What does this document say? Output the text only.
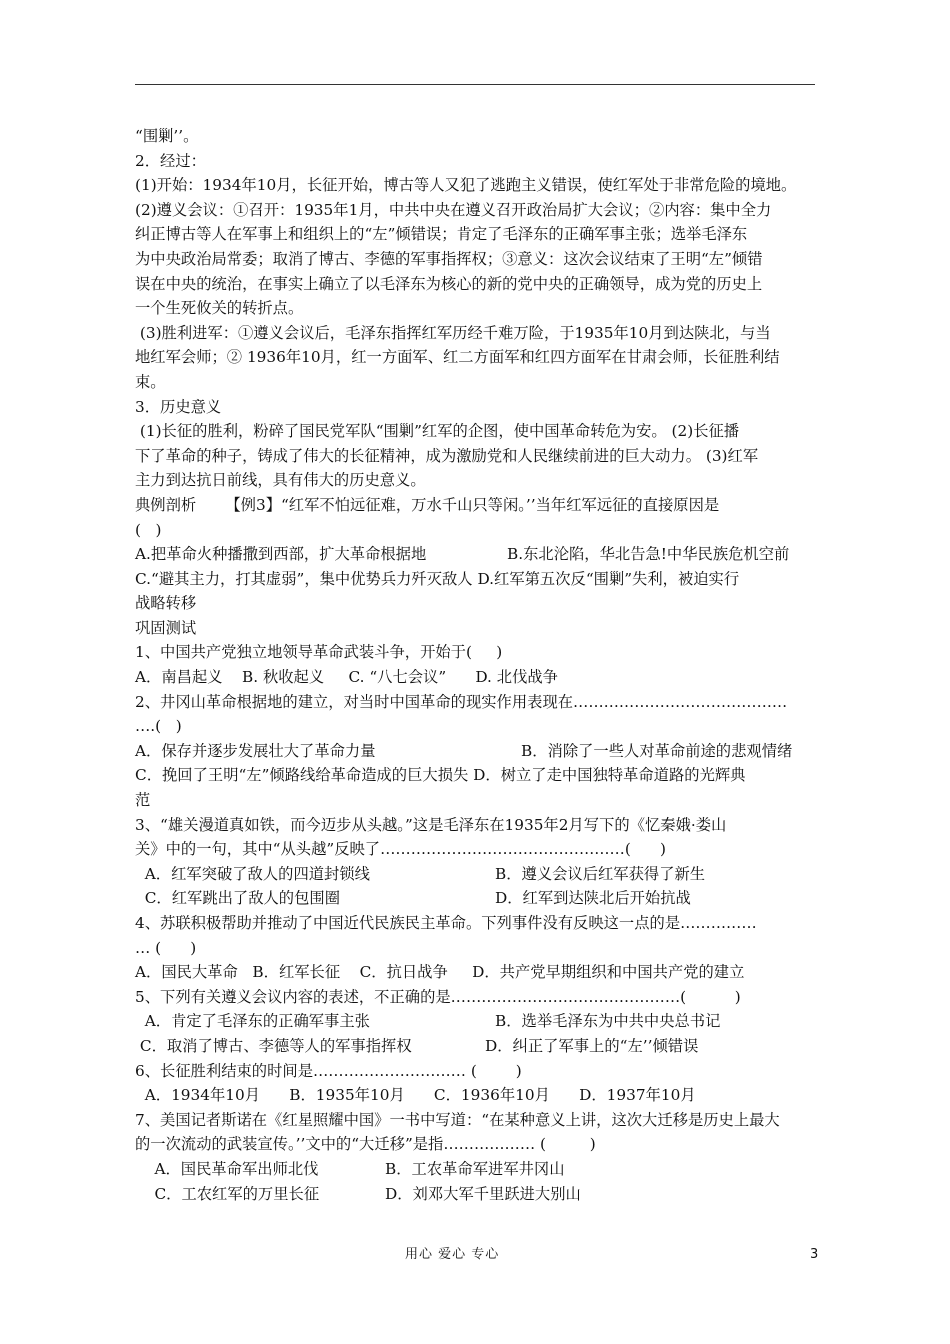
“围剿’’。
2．经过：
(1)开始：1934年10月，长征开始，博古等人又犯了逃跑主义错误，使红军处于非常危险的境地。
(2)遵义会议：①召开：1935年1月，中共中央在遵义召开政治局扩大会议；②内容：集中全力
纠正博古等人在军事上和组织上的“左”倾错误；肯定了毛泽东的正确军事主张；选举毛泽东
为中央政治局常委；取消了博古、李德的军事指挥权；③意义：这次会议结束了王明“左”倾错
误在中央的统治，在事实上确立了以毛泽东为核心的新的党中央的正确领导，成为党的历史上
一个生死攸关的转折点。
(3)胜利进军：①遵义会议后，毛泽东指挥红军历经千难万险，于1935年10月到达陕北，与当
地红军会师；② 1936年10月，红一方面军、红二方面军和红四方面军在甘肃会师，长征胜利结
束。
3．历史意义
(1)长征的胜利，粉碎了国民党军队“围剿”红军的企图，使中国革命转危为安。 (2)长征播
下了革命的种子，铸成了伟大的长征精神，成为激励党和人民继续前进的巨大动力。 (3)红军
主力到达抗日前线，具有伟大的历史意义。
典例剖析      【例3】“红军不怕远征难，万水千山只等闲。’’当年红军远征的直接原因是
(   )
A.把革命火种播撒到西部，扩大革命根据地	B.东北沦陷，华北告急!中华民族危机空前
C.“避其主力，打其虚弱”，集中优势兵力歼灭敌人 D.红军第五次反“围剿”失利，被迫实行
战略转移
巩固测试
1、中国共产党独立地领导革命武装斗争，开始于(     )
A．南昌起义    B. 秋收起义     C. “八七会议”      D. 北伐战争
2、井冈山革命根据地的建立，对当时中国革命的现实作用表现在……………………………………
….(   )
A．保存并逐步发展壮大了革命力量	B．消除了一些人对革命前途的悲观情绪
C．挽回了王明“左”倾路线给革命造成的巨大损失 D．树立了走中国独特革命道路的光辉典
范
3、“雄关漫道真如铁，而今迈步从头越。”这是毛泽东在1935年2月写下的《忆秦娥·娄山
关》中的一句，其中“从头越”反映了…………………………………………(      )
A．红军突破了敌人的四道封锁线	B．遵义会议后红军获得了新生
C．红军跳出了敌人的包围圈	D．红军到达陕北后开始抗战
4、苏联积极帮助并推动了中国近代民族民主革命。下列事件没有反映这一点的是……………
… (      )
A．国民大革命   B．红军长征    C．抗日战争     D．共产党早期组织和中国共产党的建立
5、下列有关遵义会议内容的表述，不正确的是………………………………………(          )
A．肯定了毛泽东的正确军事主张	B．选举毛泽东为中共中央总书记
C．取消了博古、李德等人的军事指挥权	D．纠正了军事上的“左’’倾错误
6、长征胜利结束的时间是………………………… (        )
A．1934年10月      B．1935年10月      C．1936年10月      D．1937年10月
7、美国记者斯诺在《红星照耀中国》一书中写道：“在某种意义上讲，这次大迁移是历史上最大
的一次流动的武装宣传。’’文中的“大迁移”是指……………… (         )
A．国民革命军出师北伐	B．工农革命军进军井冈山
C．工农红军的万里长征	D．刘邓大军千里跃进大别山
用心 爱心 专心	3
